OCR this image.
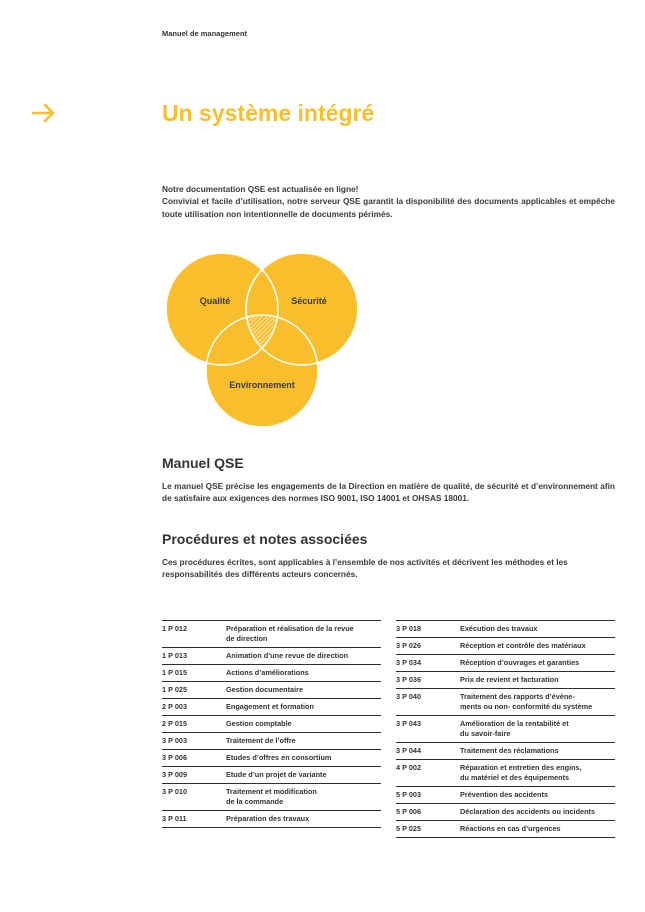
Manuel de management
Un système intégré

Notre documentation QSE est actualisée en ligne!

Convivial et facile d’utilisation, notre serveur QSE garantit la disponibilité des documents applicables et empêche toute utilisation non intentionnelle de documents périmés.

Qualité	Sécurité
Environnement
Manuel QSE

Le manuel QSE précise les engagements de la Direction en matière de qualité, de sécurité et d’environnement afin de satisfaire aux exigences des normes ISO 9001, ISO 14001 et OHSAS 18001.

Procédures et notes associées

Ces procédures écrites, sont applicables à l’ensemble de nos activités et décrivent les méthodes et les responsabilités des différents acteurs concernés.

1 P 012	Préparation et réalisation de la revue
de direction
1 P 013	Animation d’une revue de direction
1 P 015	Actions d’améliorations
1 P 025	Gestion documentaire
2 P 003	Engagement et formation
2 P 015	Gestion comptable
3 P 003	Traitement de l’offre
3 P 006	Etudes d’offres en consortium
3 P 009	Etude d’un projet de variante
3 P 010	Traitement et modification
de la commande
3 P 011	Préparation des travaux
3 P 018	Exécution des travaux
3 P 026	Réception et contrôle des matériaux
3 P 034	Réception d’ouvrages et garanties
3 P 036	Prix de revient et facturation
3 P 040	Traitement des rapports d’évène-
ments ou non- conformité du système
3 P 043	Amélioration de la rentabilité et
du savoir-faire
3 P 044	Traitement des réclamations
4 P 002	Réparation et entretien des engins,
du matériel et des équipements
5 P 003	Prévention des accidents
5 P 006	Déclaration des accidents ou incidents
5 P 025	Réactions en cas d’urgences
